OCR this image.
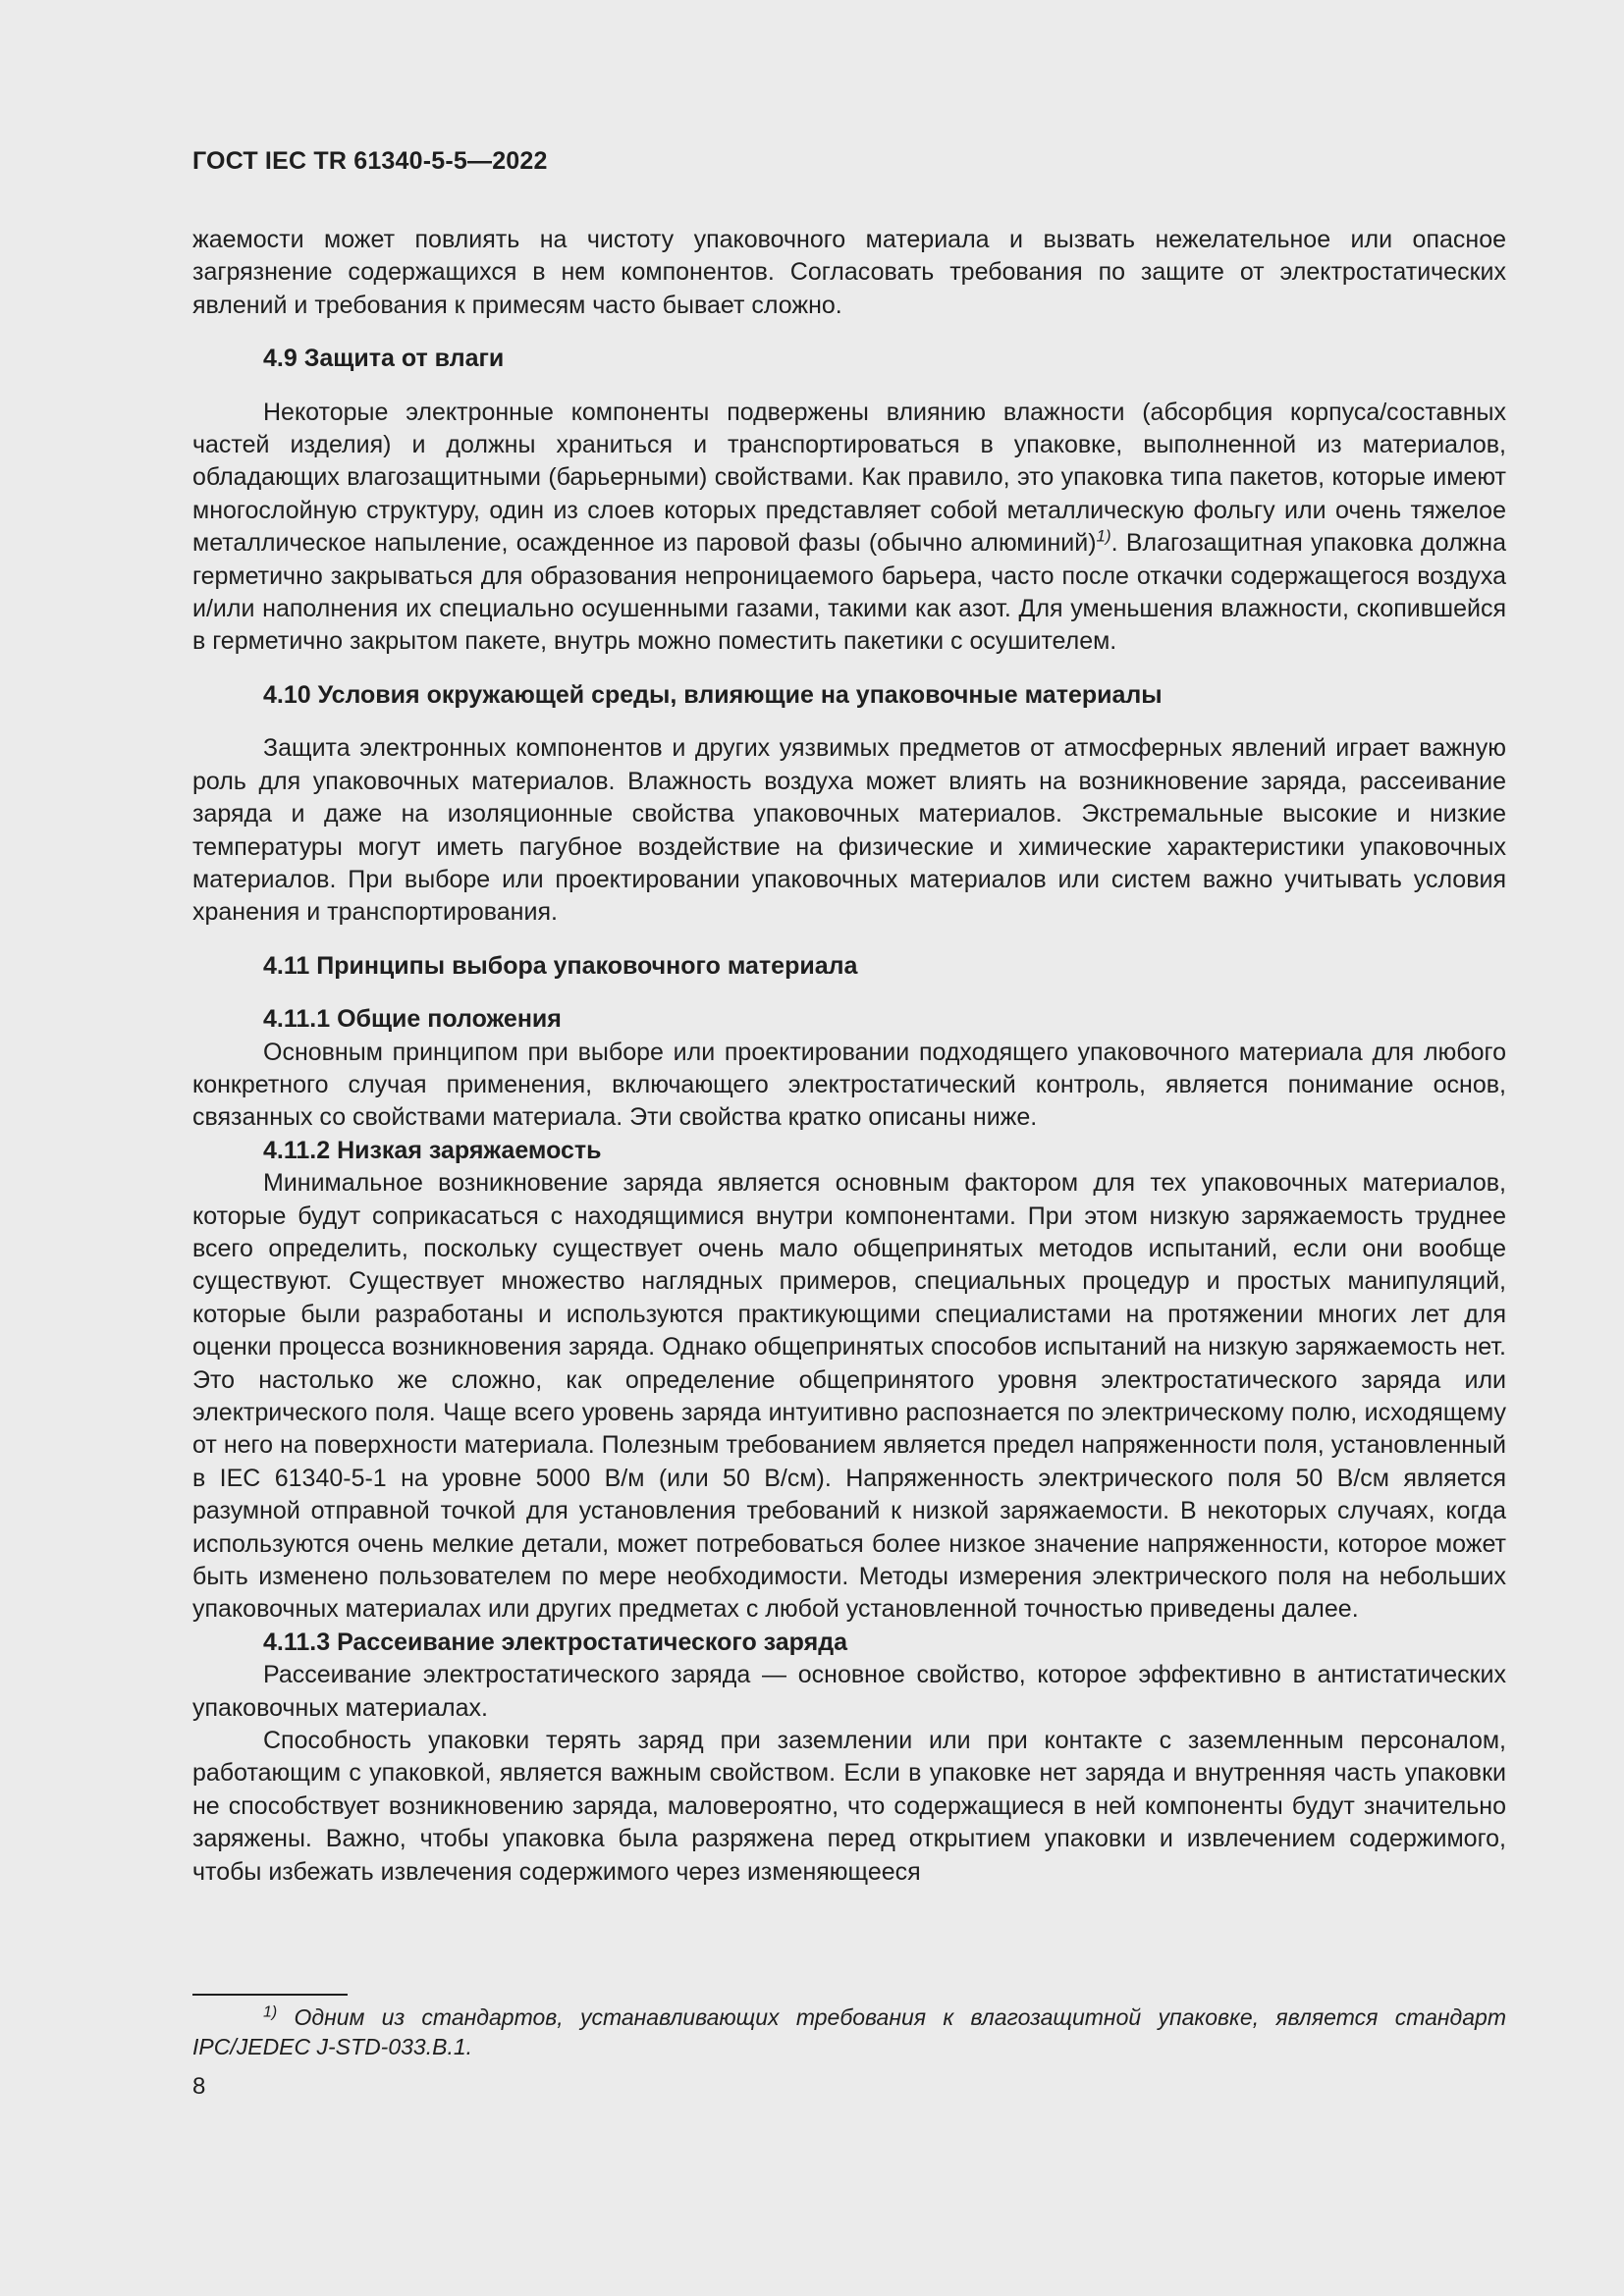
ГОСТ IEC TR 61340-5-5—2022

жаемости может повлиять на чистоту упаковочного материала и вызвать нежелательное или опасное загрязнение содержащихся в нем компонентов. Согласовать требования по защите от электростатических явлений и требования к примесям часто бывает сложно.

4.9 Защита от влаги

Некоторые электронные компоненты подвержены влиянию влажности (абсорбция корпуса/составных частей изделия) и должны храниться и транспортироваться в упаковке, выполненной из материалов, обладающих влагозащитными (барьерными) свойствами. Как правило, это упаковка типа пакетов, которые имеют многослойную структуру, один из слоев которых представляет собой металлическую фольгу или очень тяжелое металлическое напыление, осажденное из паровой фазы (обычно алюминий)$^{1)}$. Влагозащитная упаковка должна герметично закрываться для образования непроницаемого барьера, часто после откачки содержащегося воздуха и/или наполнения их специально осушенными газами, такими как азот. Для уменьшения влажности, скопившейся в герметично закрытом пакете, внутрь можно поместить пакетики с осушителем.

4.10 Условия окружающей среды, влияющие на упаковочные материалы

Защита электронных компонентов и других уязвимых предметов от атмосферных явлений играет важную роль для упаковочных материалов. Влажность воздуха может влиять на возникновение заряда, рассеивание заряда и даже на изоляционные свойства упаковочных материалов. Экстремальные высокие и низкие температуры могут иметь пагубное воздействие на физические и химические характеристики упаковочных материалов. При выборе или проектировании упаковочных материалов или систем важно учитывать условия хранения и транспортирования.

4.11 Принципы выбора упаковочного материала

4.11.1 Общие положения

Основным принципом при выборе или проектировании подходящего упаковочного материала для любого конкретного случая применения, включающего электростатический контроль, является понимание основ, связанных со свойствами материала. Эти свойства кратко описаны ниже.

4.11.2 Низкая заряжаемость

Минимальное возникновение заряда является основным фактором для тех упаковочных материалов, которые будут соприкасаться с находящимися внутри компонентами. При этом низкую заряжаемость труднее всего определить, поскольку существует очень мало общепринятых методов испытаний, если они вообще существуют. Существует множество наглядных примеров, специальных процедур и простых манипуляций, которые были разработаны и используются практикующими специалистами на протяжении многих лет для оценки процесса возникновения заряда. Однако общепринятых способов испытаний на низкую заряжаемость нет. Это настолько же сложно, как определение общепринятого уровня электростатического заряда или электрического поля. Чаще всего уровень заряда интуитивно распознается по электрическому полю, исходящему от него на поверхности материала. Полезным требованием является предел напряженности поля, установленный в IEC 61340-5-1 на уровне 5000 В/м (или 50 В/см). Напряженность электрического поля 50 В/см является разумной отправной точкой для установления требований к низкой заряжаемости. В некоторых случаях, когда используются очень мелкие детали, может потребоваться более низкое значение напряженности, которое может быть изменено пользователем по мере необходимости. Методы измерения электрического поля на небольших упаковочных материалах или других предметах с любой установленной точностью приведены далее.

4.11.3 Рассеивание электростатического заряда

Рассеивание электростатического заряда — основное свойство, которое эффективно в антистатических упаковочных материалах.

Способность упаковки терять заряд при заземлении или при контакте с заземленным персоналом, работающим с упаковкой, является важным свойством. Если в упаковке нет заряда и внутренняя часть упаковки не способствует возникновению заряда, маловероятно, что содержащиеся в ней компоненты будут значительно заряжены. Важно, чтобы упаковка была разряжена перед открытием упаковки и извлечением содержимого, чтобы избежать извлечения содержимого через изменяющееся

$^{1)}$ Одним из стандартов, устанавливающих требования к влагозащитной упаковке, является стандарт IPC/JEDEC J-STD-033.B.1.

8
